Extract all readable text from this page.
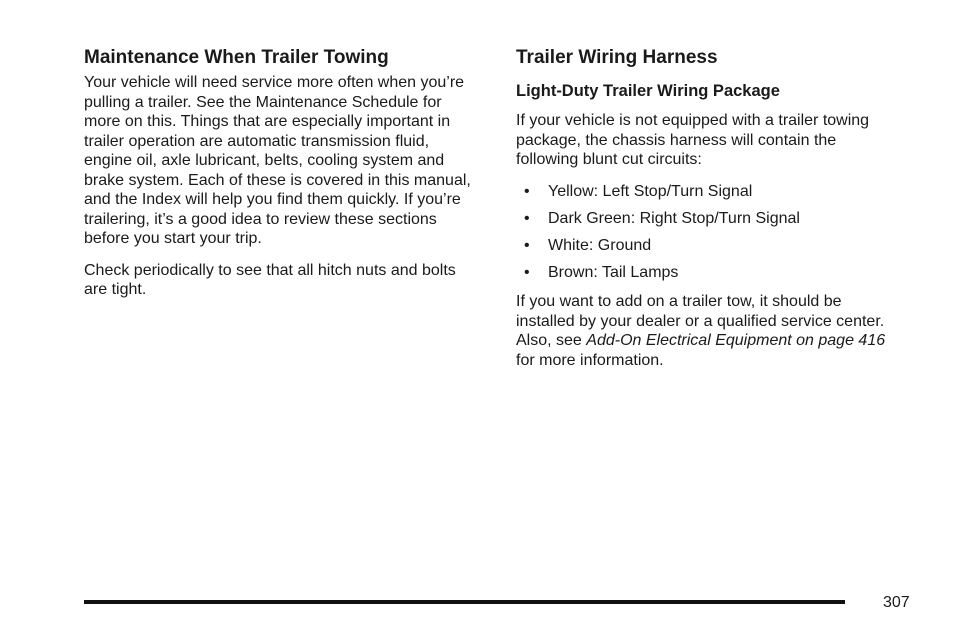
Maintenance When Trailer Towing

Your vehicle will need service more often when you’re pulling a trailer. See the Maintenance Schedule for more on this. Things that are especially important in trailer operation are automatic transmission fluid, engine oil, axle lubricant, belts, cooling system and brake system. Each of these is covered in this manual, and the Index will help you find them quickly. If you’re trailering, it’s a good idea to review these sections before you start your trip.

Check periodically to see that all hitch nuts and bolts are tight.

Trailer Wiring Harness
Light-Duty Trailer Wiring Package

If your vehicle is not equipped with a trailer towing package, the chassis harness will contain the following blunt cut circuits:

• Yellow: Left Stop/Turn Signal
• Dark Green: Right Stop/Turn Signal
• White: Ground
• Brown: Tail Lamps

If you want to add on a trailer tow, it should be installed by your dealer or a qualified service center. Also, see Add-On Electrical Equipment on page 416 for more information.

307
